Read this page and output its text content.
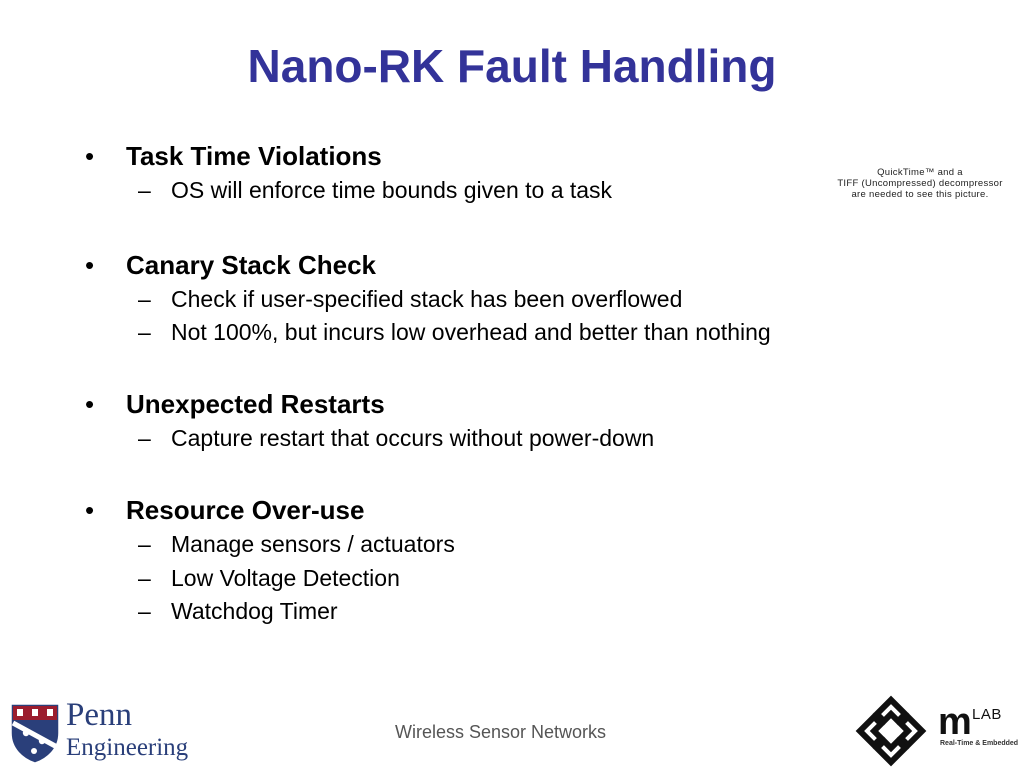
Nano-RK Fault Handling
• Task Time Violations
– OS will enforce time bounds given to a task
• Canary Stack Check
– Check if user-specified stack has been overflowed
– Not 100%, but incurs low overhead and better than nothing
• Unexpected Restarts
– Capture restart that occurs without power-down
• Resource Over-use
– Manage sensors / actuators
– Low Voltage Detection
– Watchdog Timer
QuickTime™ and a
TIFF (Uncompressed) decompressor
are needed to see this picture.
Penn
Engineering
Wireless Sensor Networks	m LAB
Real-Time & Embedded
